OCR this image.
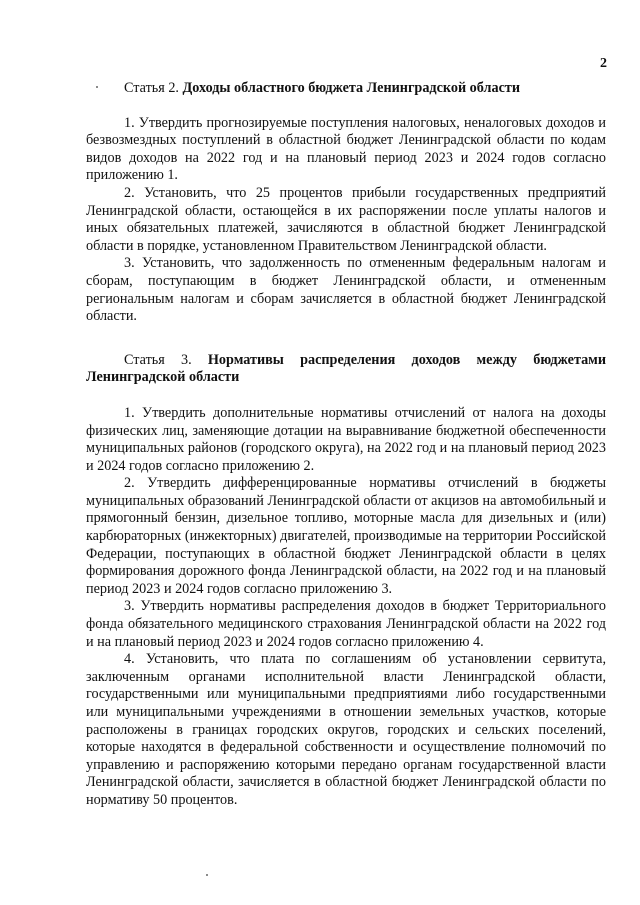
2

Статья 2. Доходы областного бюджета Ленинградской области

1. Утвердить прогнозируемые поступления налоговых, неналоговых доходов и безвозмездных поступлений в областной бюджет Ленинградской области по кодам видов доходов на 2022 год и на плановый период 2023 и 2024 годов согласно приложению 1.

2. Установить, что 25 процентов прибыли государственных предприятий Ленинградской области, остающейся в их распоряжении после уплаты налогов и иных обязательных платежей, зачисляются в областной бюджет Ленинградской области в порядке, установленном Правительством Ленинградской области.

3. Установить, что задолженность по отмененным федеральным налогам и сборам, поступающим в бюджет Ленинградской области, и отмененным региональным налогам и сборам зачисляется в областной бюджет Ленинградской области.

Статья 3. Нормативы распределения доходов между бюджетами Ленинградской области

1. Утвердить дополнительные нормативы отчислений от налога на доходы физических лиц, заменяющие дотации на выравнивание бюджетной обеспеченности муниципальных районов (городского округа), на 2022 год и на плановый период 2023 и 2024 годов согласно приложению 2.

2. Утвердить дифференцированные нормативы отчислений в бюджеты муниципальных образований Ленинградской области от акцизов на автомобильный и прямогонный бензин, дизельное топливо, моторные масла для дизельных и (или) карбюраторных (инжекторных) двигателей, производимые на территории Российской Федерации, поступающих в областной бюджет Ленинградской области в целях формирования дорожного фонда Ленинградской области, на 2022 год и на плановый период 2023 и 2024 годов согласно приложению 3.

3. Утвердить нормативы распределения доходов в бюджет Территориального фонда обязательного медицинского страхования Ленинградской области на 2022 год и на плановый период 2023 и 2024 годов согласно приложению 4.

4. Установить, что плата по соглашениям об установлении сервитута, заключенным органами исполнительной власти Ленинградской области, государственными или муниципальными предприятиями либо государственными или муниципальными учреждениями в отношении земельных участков, которые расположены в границах городских округов, городских и сельских поселений, которые находятся в федеральной собственности и осуществление полномочий по управлению и распоряжению которыми передано органам государственной власти Ленинградской области, зачисляется в областной бюджет Ленинградской области по нормативу 50 процентов.
